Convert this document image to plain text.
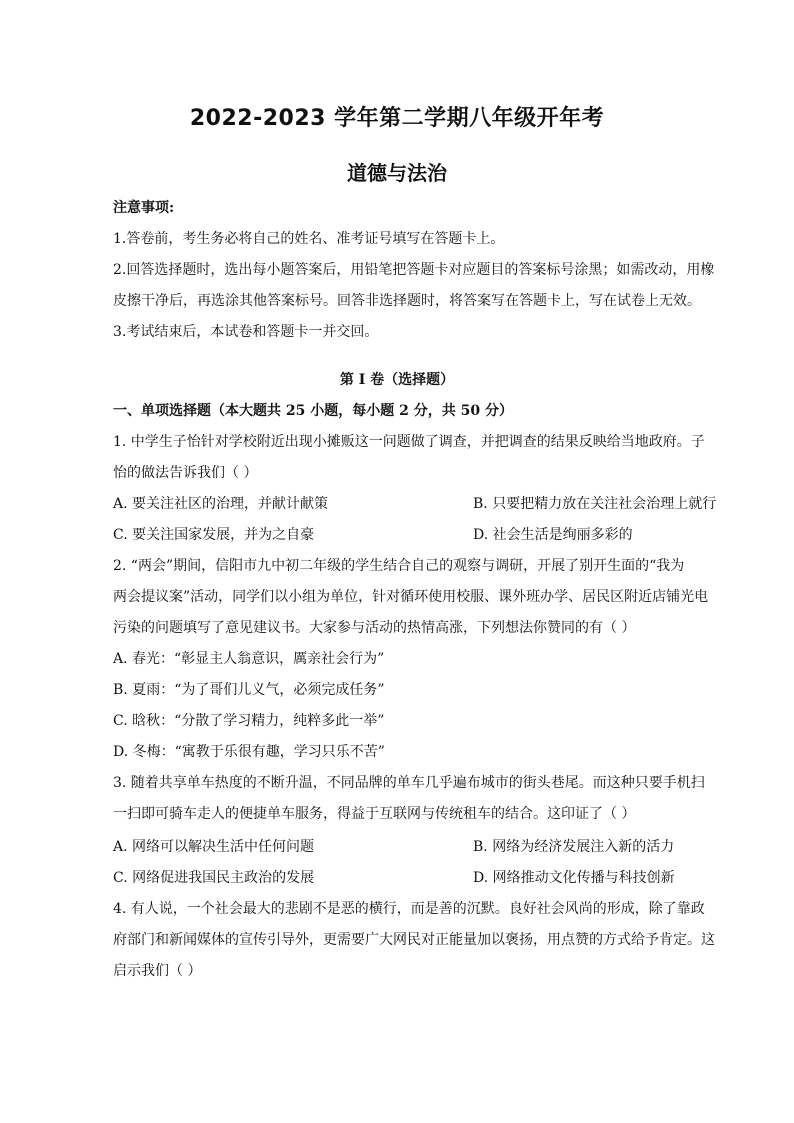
2022-2023 学年第二学期八年级开年考
道德与法治
注意事项:
1.答卷前，考生务必将自己的姓名、准考证号填写在答题卡上。
2.回答选择题时，选出每小题答案后，用铅笔把答题卡对应题目的答案标号涂黑；如需改动，用橡
皮擦干净后，再选涂其他答案标号。回答非选择题时，将答案写在答题卡上，写在试卷上无效。
3.考试结束后，本试卷和答题卡一并交回。
第 I 卷（选择题）
一、单项选择题（本大题共 25 小题，每小题 2 分，共 50 分）
1. 中学生子怡针对学校附近出现小摊贩这一问题做了调查，并把调查的结果反映给当地政府。子
怡的做法告诉我们（ ）
A. 要关注社区的治理，并献计献策	B. 只要把精力放在关注社会治理上就行
C. 要关注国家发展，并为之自豪	D. 社会生活是绚丽多彩的
2. “两会”期间，信阳市九中初二年级的学生结合自己的观察与调研，开展了别开生面的“我为
两会提议案”活动，同学们以小组为单位，针对循环使用校服、课外班办学、居民区附近店铺光电
污染的问题填写了意见建议书。大家参与活动的热情高涨，下列想法你赞同的有（ ）
A. 春光：“彰显主人翁意识，厲亲社会行为”
B. 夏雨：“为了哥们儿义气，必须完成任务”
C. 晗秋：“分散了学习精力，纯粹多此一举”
D. 冬梅：“寓教于乐很有趣，学习只乐不苦”
3. 随着共享单车热度的不断升温，不同品牌的单车几乎遍布城市的街头巷尾。而这种只要手机扫
一扫即可骑车走人的便捷单车服务，得益于互联网与传统租车的结合。这印证了（ ）
A. 网络可以解决生活中任何问题	B. 网络为经济发展注入新的活力
C. 网络促进我国民主政治的发展	D. 网络推动文化传播与科技创新
4. 有人说，一个社会最大的悲剧不是恶的横行，而是善的沉默。良好社会风尚的形成，除了靠政
府部门和新闻媒体的宣传引导外，更需要广大网民对正能量加以褒扬，用点赞的方式给予肯定。这
启示我们（ ）
